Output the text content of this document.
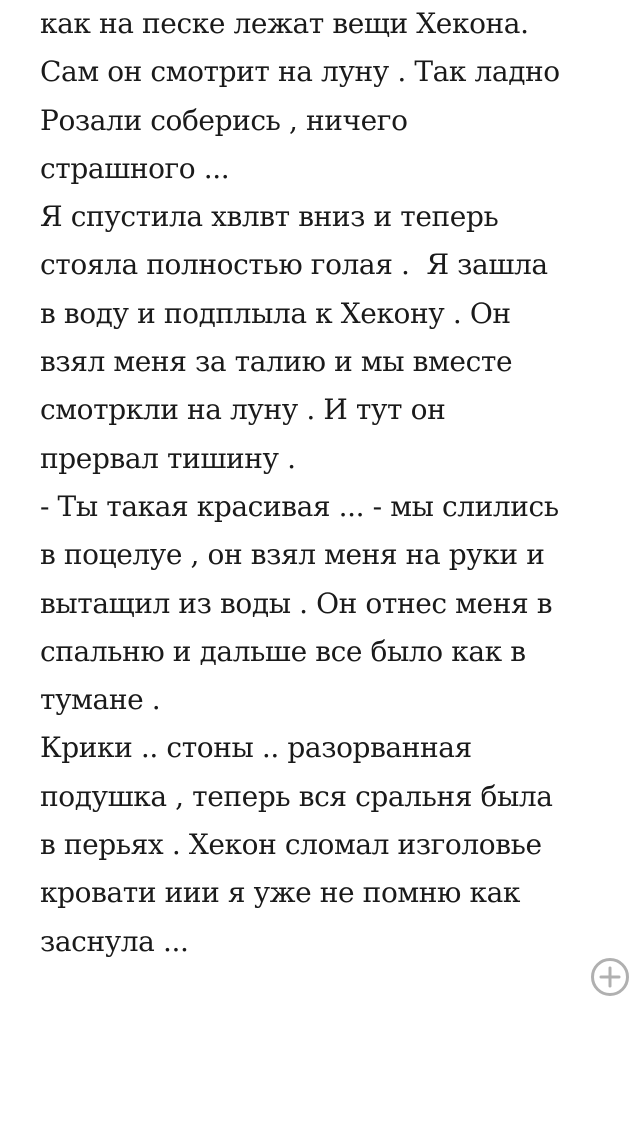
как на песке лежат вещи Хекона.
Сам он смотрит на луну . Так ладно
Розали соберись , ничего
страшного ...
Я спустила хвлвт вниз и теперь
стояла полностью голая .  Я зашла
в воду и подплыла к Хекону . Он
взял меня за талию и мы вместе
смотркли на луну . И тут он
прервал тишину .
- Ты такая красивая ... - мы слились
в поцелуе , он взял меня на руки и
вытащил из воды . Он отнес меня в
спальню и дальше все было как в
тумане .
Крики .. стоны .. разорванная
подушка , теперь вся сральня была
в перьях . Хекон сломал изголовье
кровати иии я уже не помню как
заснула ...
